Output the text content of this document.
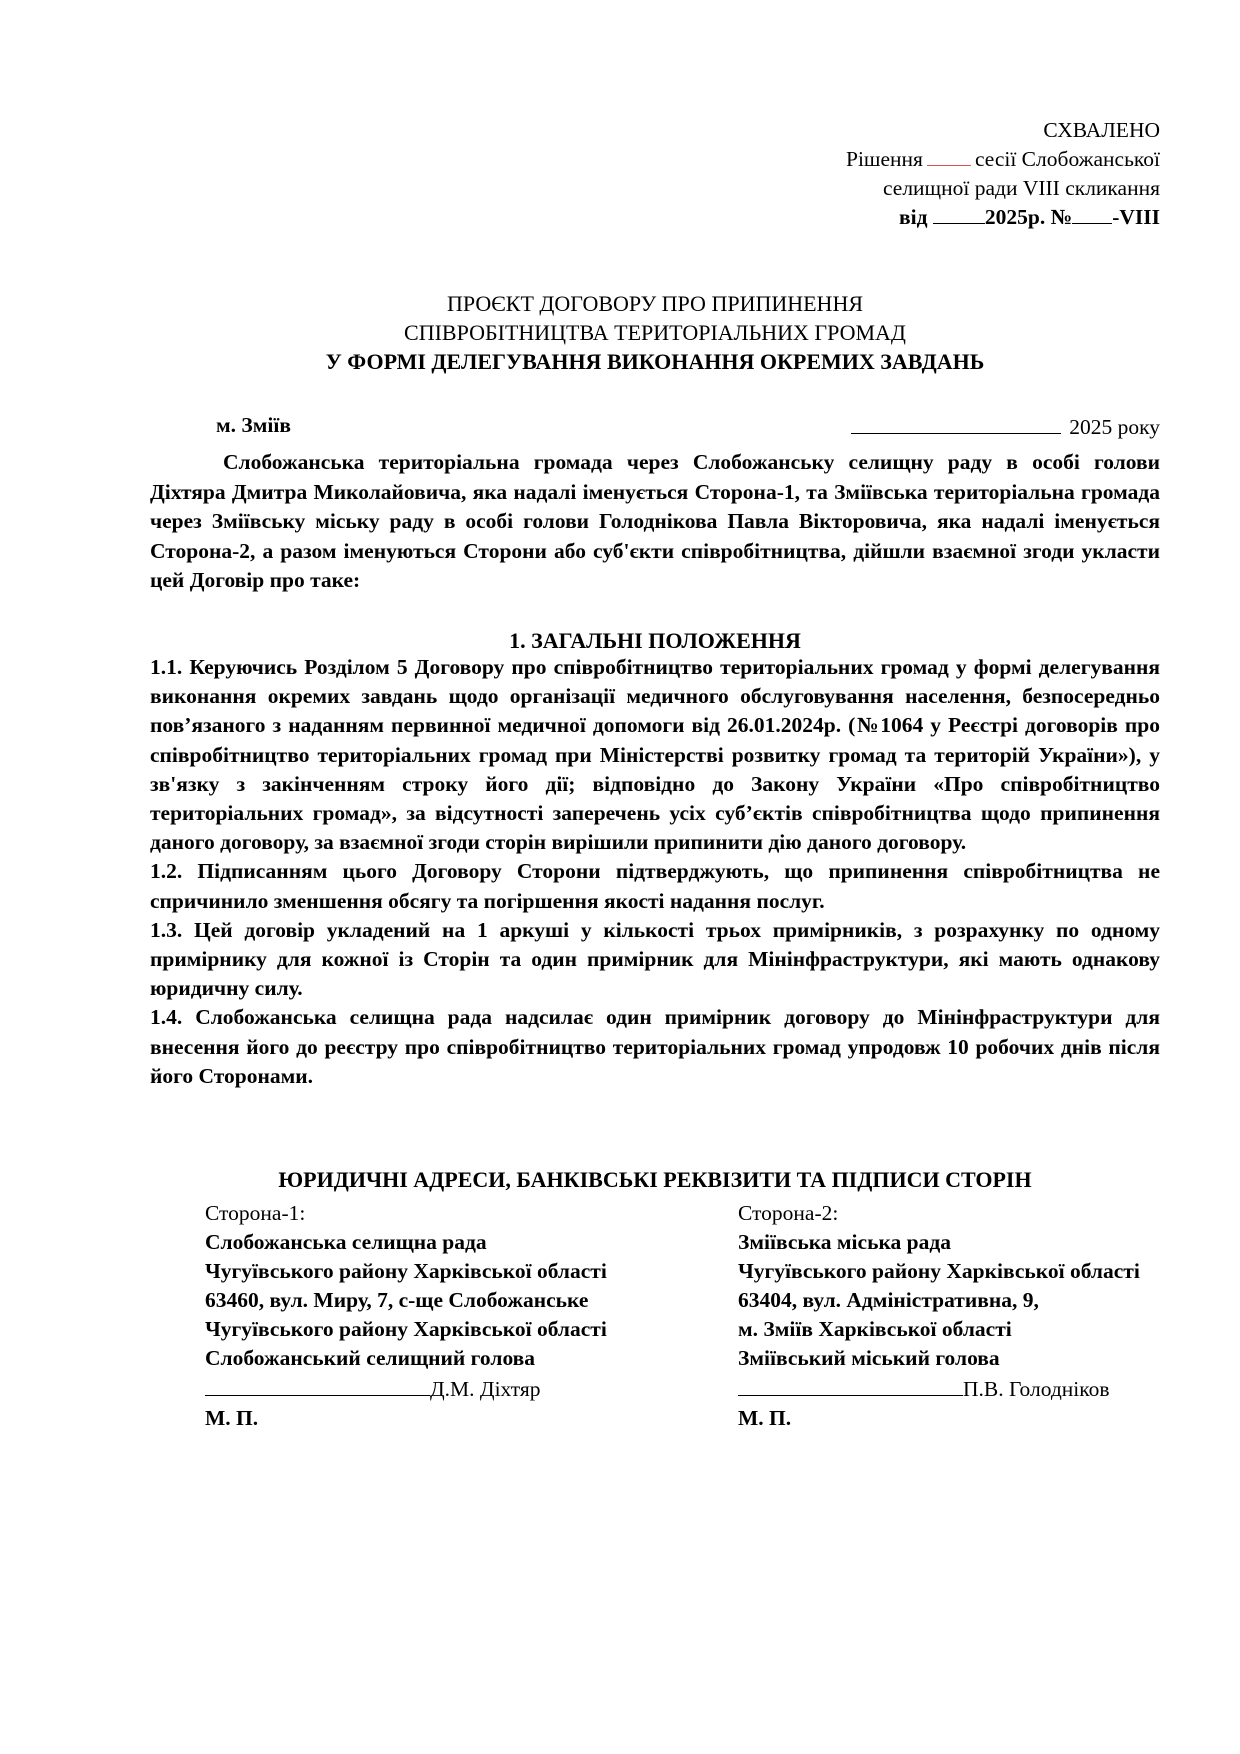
СХВАЛЕНО
Рішення сесії Слобожанської
селищної ради VIII скликання
від	2025р. № -VIII
ПРОЄКТ ДОГОВОРУ ПРО ПРИПИНЕННЯ
СПІВРОБІТНИЦТВА ТЕРИТОРІАЛЬНИХ ГРОМАД
У ФОРМІ ДЕЛЕГУВАННЯ ВИКОНАННЯ ОКРЕМИХ ЗАВДАНЬ
м. Зміїв	2025 року

Слобожанська територіальна громада через Слобожанську селищну раду в особі голови Діхтяра Дмитра Миколайовича, яка надалі іменується Сторона-1, та Зміївська територіальна громада через Зміївську міську раду в особі голови Голоднікова Павла Вікторовича, яка надалі іменується Сторона-2, а разом іменуються Сторони або суб'єкти співробітництва, дійшли взаємної згоди укласти цей Договір про таке:

1. ЗАГАЛЬНІ ПОЛОЖЕННЯ

1.1. Керуючись Розділом 5 Договору про співробітництво територіальних громад у формі делегування виконання окремих завдань щодо організації медичного обслуговування населення, безпосередньо пов’язаного з наданням первинної медичної допомоги від 26.01.2024р. (№1064 у Реєстрі договорів про співробітництво територіальних громад при Міністерстві розвитку громад та територій України»), у зв'язку з закінченням строку його дії; відповідно до Закону України «Про співробітництво територіальних громад», за відсутності заперечень усіх суб’єктів співробітництва щодо припинення даного договору, за взаємної згоди сторін вирішили припинити дію даного договору.

1.2. Підписанням цього Договору Сторони підтверджують, що припинення співробітництва не спричинило зменшення обсягу та погіршення якості надання послуг.

1.3. Цей договір укладений на 1 аркуші у кількості трьох примірників, з розрахунку по одному примірнику для кожної із Сторін та один примірник для Мінінфраструктури, які мають однакову юридичну силу.

1.4. Слобожанська селищна рада надсилає один примірник договору до Мінінфраструктури для внесення його до реєстру про співробітництво територіальних громад упродовж 10 робочих днів після його Сторонами.

ЮРИДИЧНІ АДРЕСИ, БАНКІВСЬКІ РЕКВІЗИТИ ТА ПІДПИСИ СТОРІН
Сторона-1:
Слобожанська селищна рада
Чугуївського району Харківської області
63460, вул. Миру, 7, с-ще Слобожанське
Чугуївського району Харківської області
Слобожанський селищний голова
Д.М. Діхтяр
М. П.
Сторона-2:
Зміївська міська рада
Чугуївського району Харківської області
63404, вул. Адміністративна, 9,
м. Зміїв Харківської області
Зміївський міський голова
П.В. Голодніков
М. П.
